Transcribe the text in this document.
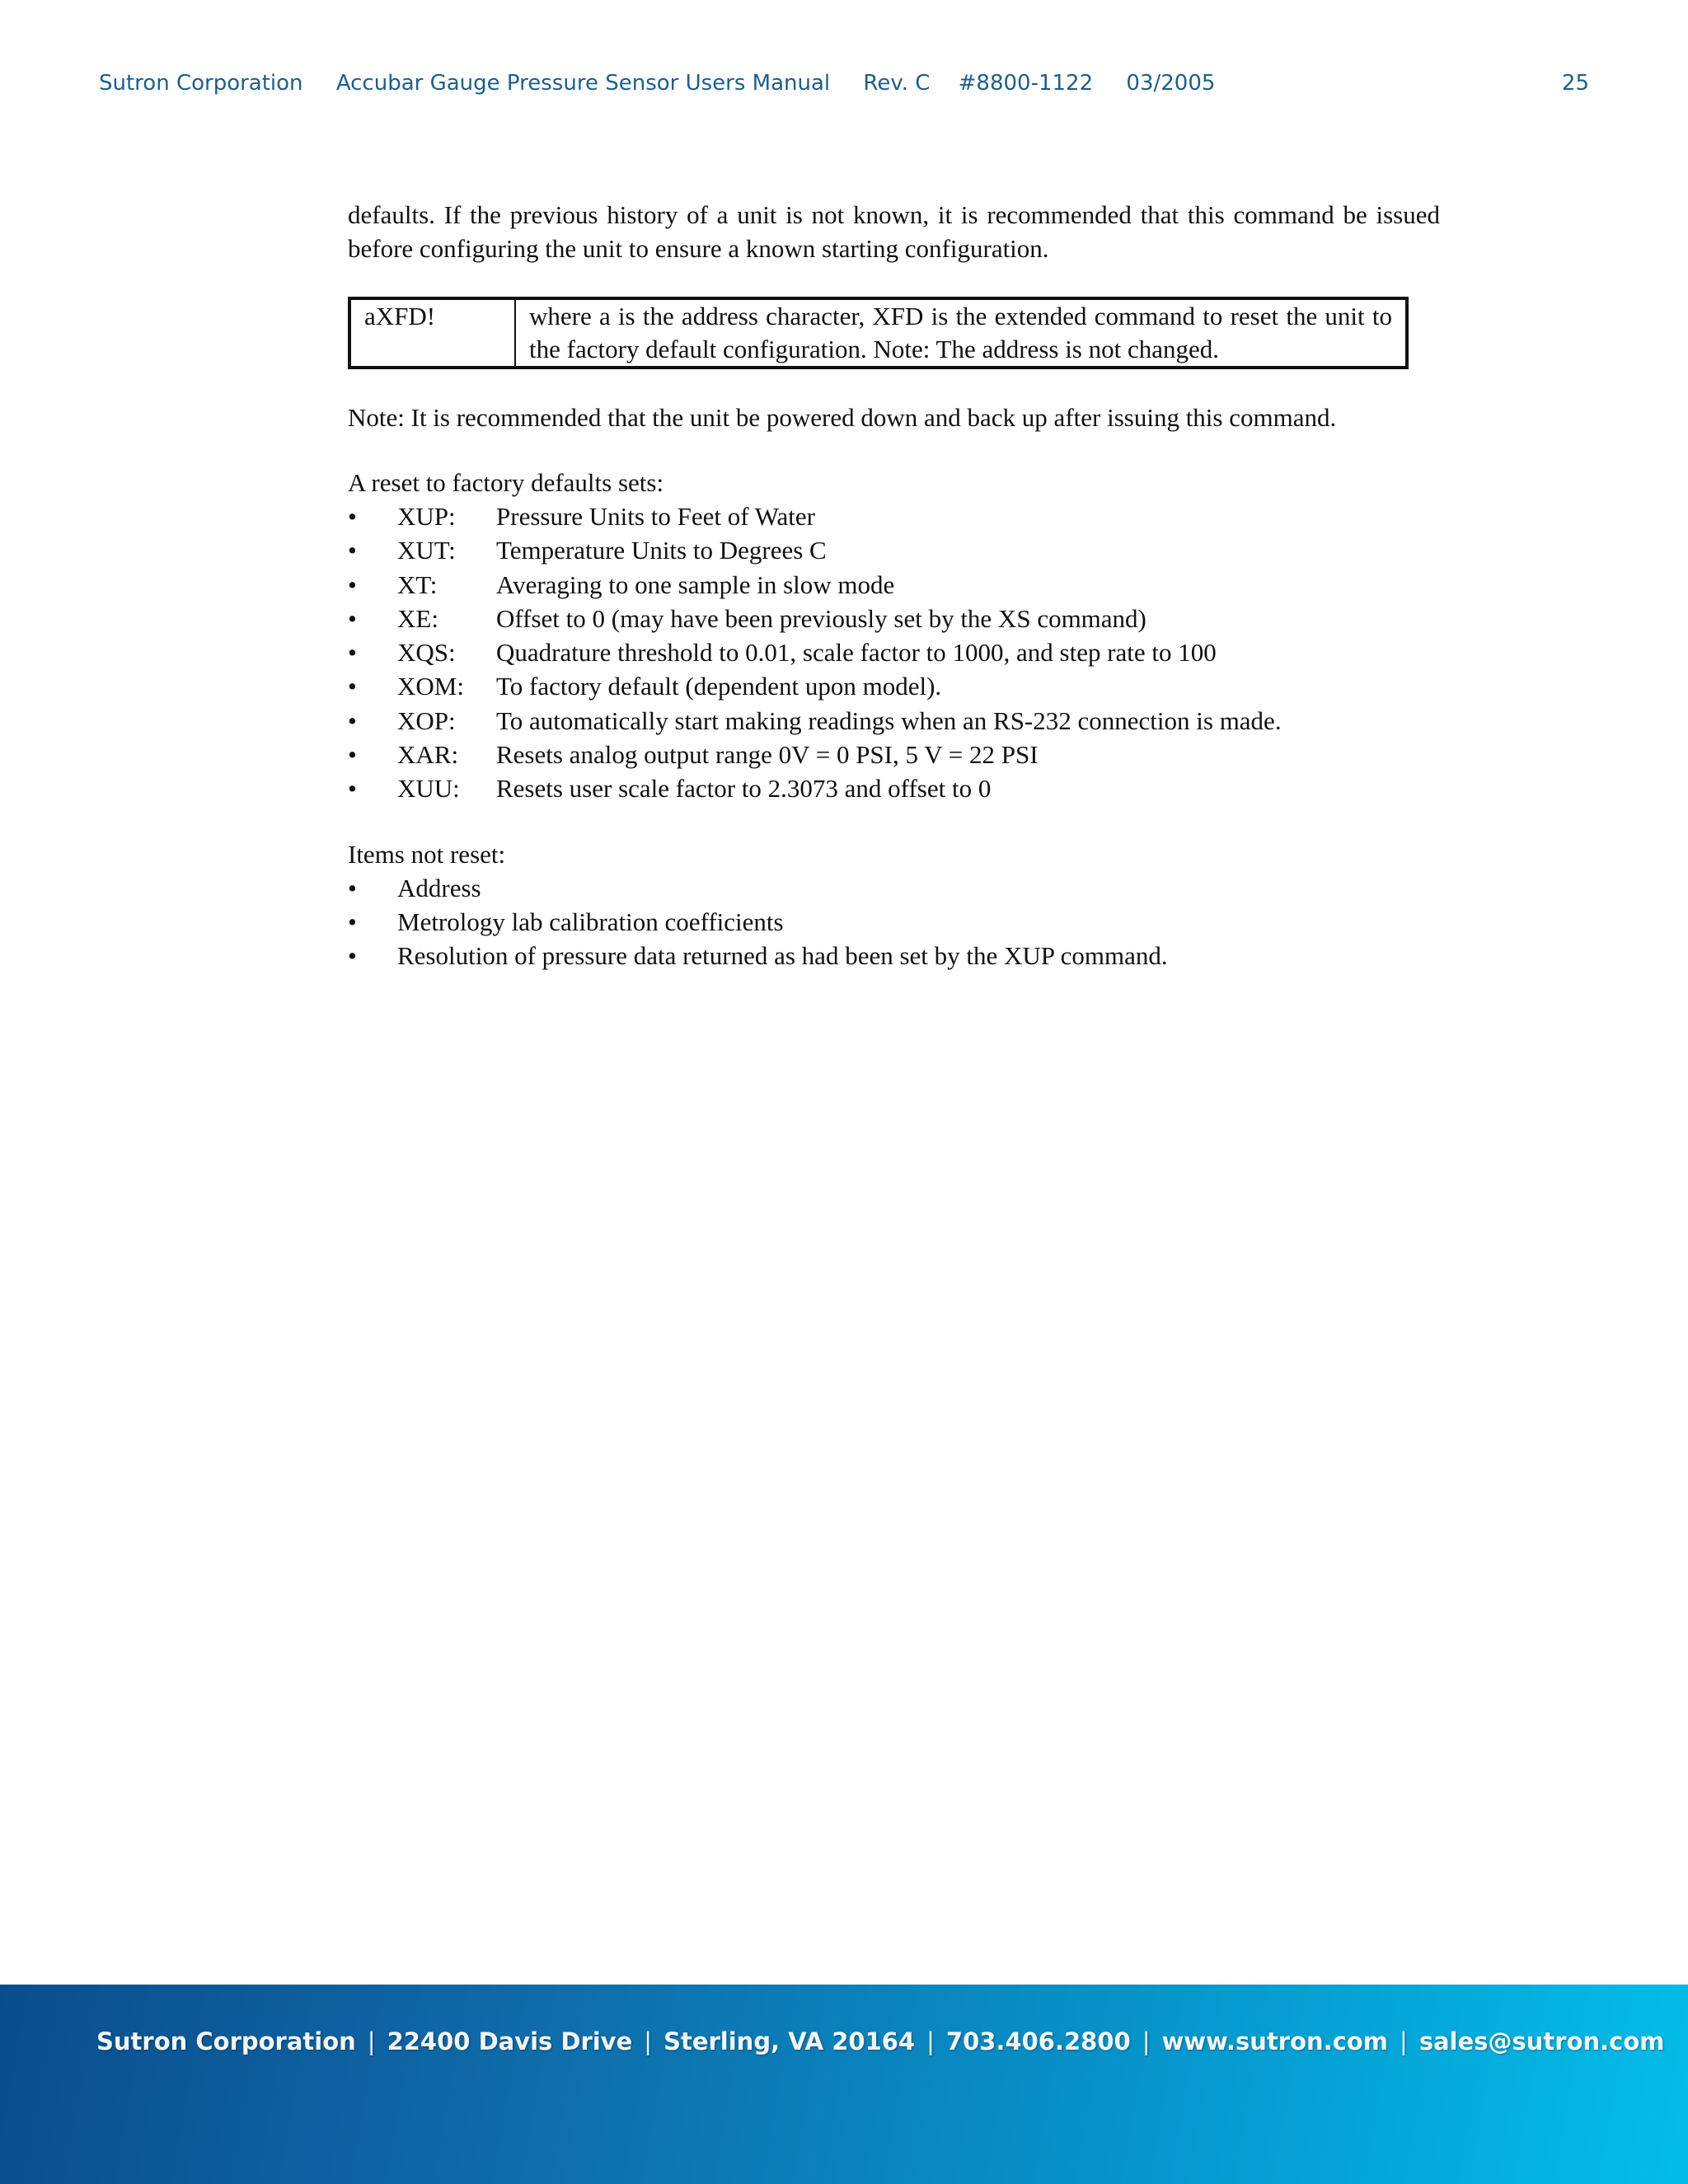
Sutron Corporation Accubar Gauge Pressure Sensor Users Manual Rev. C #8800-1122 03/2005	25

defaults. If the previous history of a unit is not known, it is recommended that this command be issued before configuring the unit to ensure a known starting configuration.

aXFD!	where a is the address character, XFD is the extended command to reset the unit to the factory default configuration. Note: The address is not changed.

Note: It is recommended that the unit be powered down and back up after issuing this command.

A reset to factory defaults sets:

• XUP: Pressure Units to Feet of Water
• XUT: Temperature Units to Degrees C
• XT: Averaging to one sample in slow mode
• XE: Offset to 0 (may have been previously set by the XS command)
• XQS: Quadrature threshold to 0.01, scale factor to 1000, and step rate to 100
• XOM: To factory default (dependent upon model).
• XOP: To automatically start making readings when an RS-232 connection is made.
• XAR: Resets analog output range 0V = 0 PSI, 5 V = 22 PSI
• XUU: Resets user scale factor to 2.3073 and offset to 0

Items not reset:

• Address
• Metrology lab calibration coefficients
• Resolution of pressure data returned as had been set by the XUP command.
Sutron Corporation | 22400 Davis Drive | Sterling, VA 20164 | 703.406.2800 | www.sutron.com | sales@sutron.com
